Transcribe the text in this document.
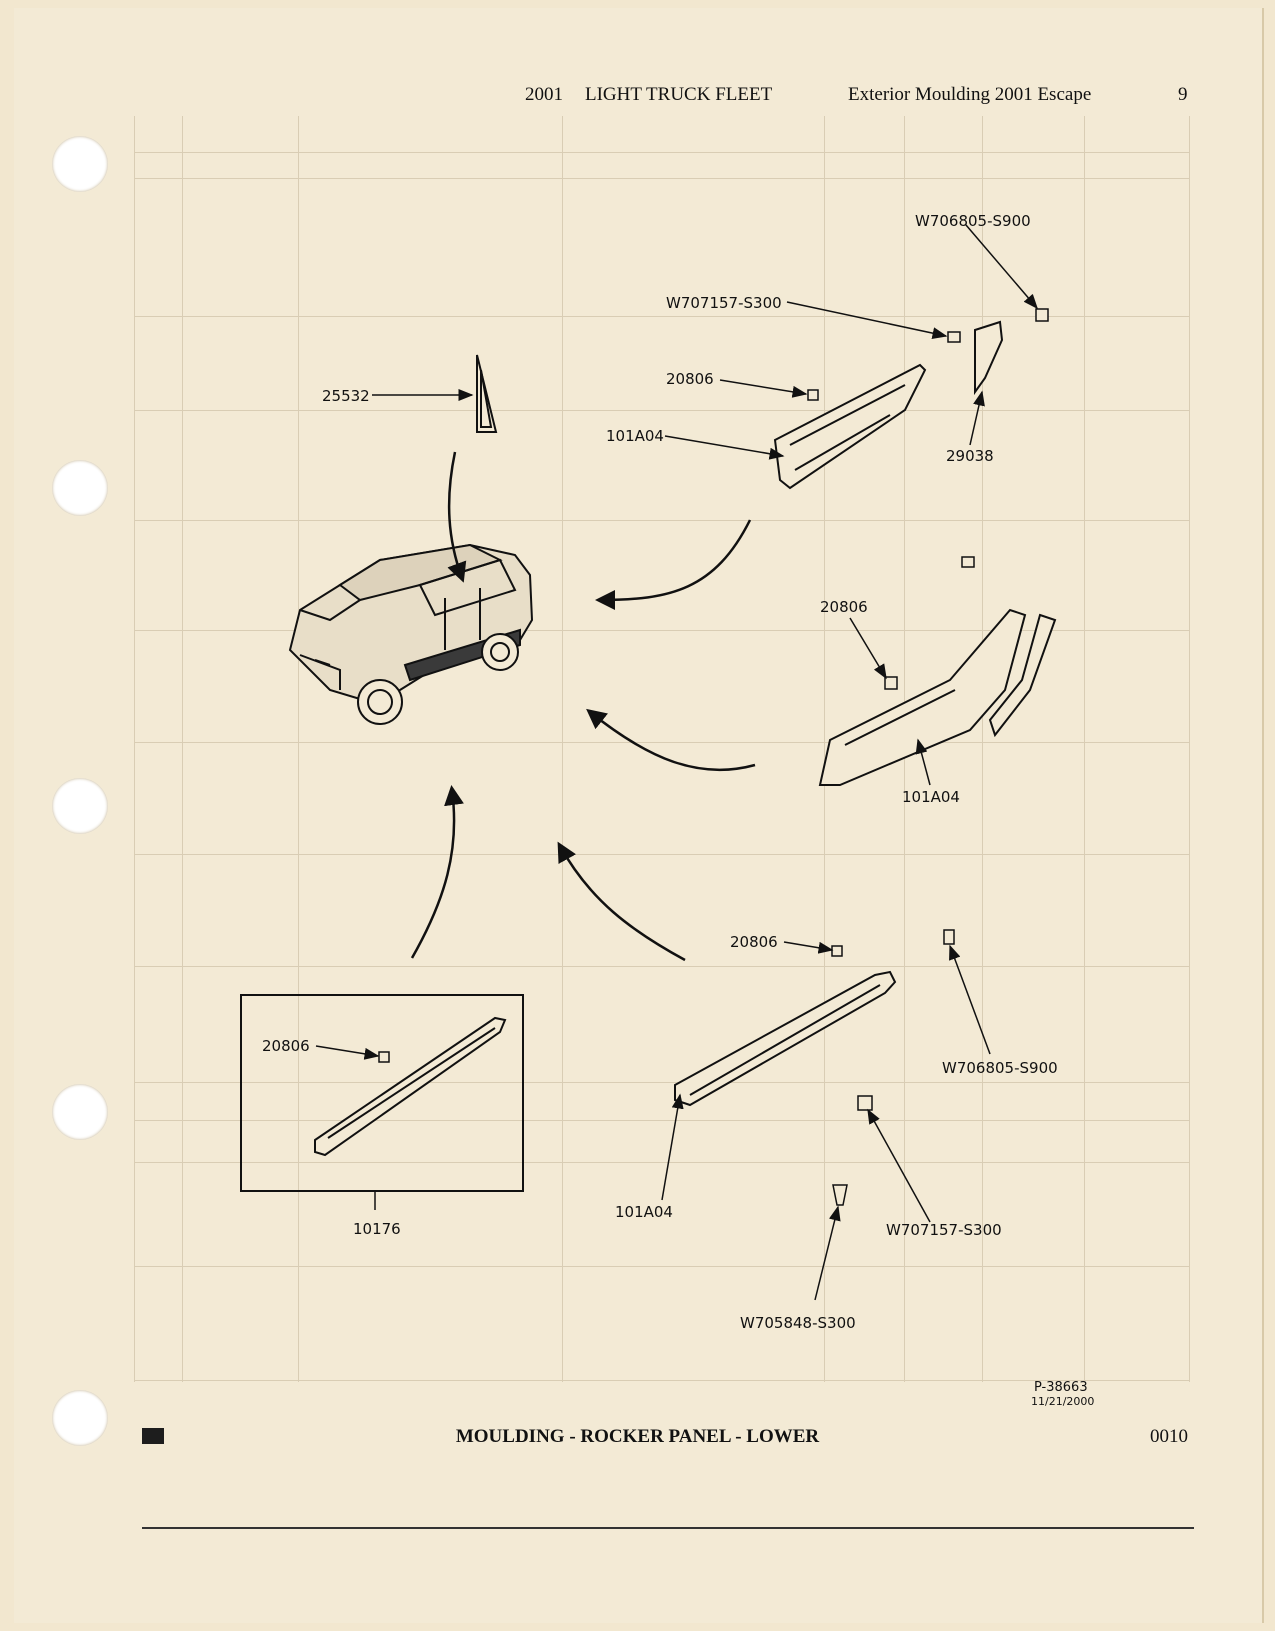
2001 LIGHT TRUCK FLEET	Exterior Moulding 2001 Escape	9
W706805-S900
W707157-S300
20806
101A04
29038
25532
20806
101A04
20806
W706805-S900
101A04
W707157-S300
W705848-S300
20806
10176
P-38663
11/21/2000
MOULDING - ROCKER PANEL - LOWER	0010
